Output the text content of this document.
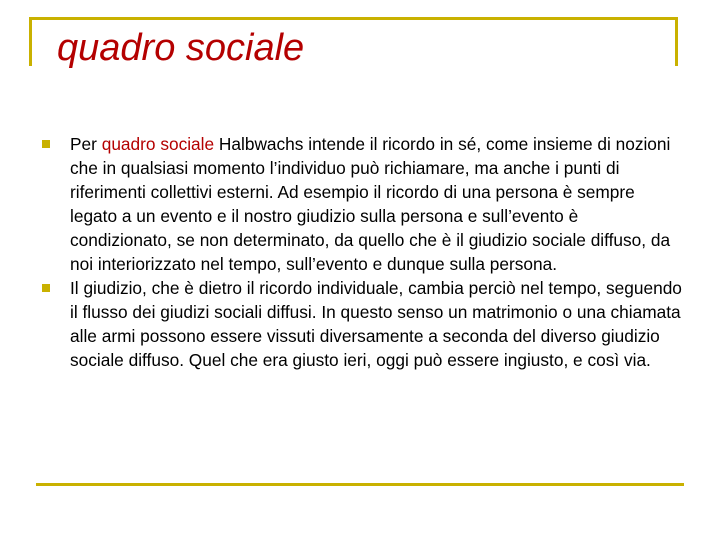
quadro sociale
Per quadro sociale Halbwachs intende il ricordo in sé, come insieme di nozioni che in qualsiasi momento l’individuo può richiamare, ma anche i punti di riferimenti collettivi esterni. Ad esempio il ricordo di una persona è sempre legato a un evento e il nostro giudizio sulla persona e sull’evento è condizionato, se non determinato, da quello che è il giudizio sociale diffuso, da noi interiorizzato nel tempo, sull’evento e dunque sulla persona.
Il giudizio, che è dietro il ricordo individuale, cambia perciò nel tempo, seguendo il flusso dei giudizi sociali diffusi. In questo senso un matrimonio o una chiamata alle armi possono essere vissuti diversamente a seconda del diverso giudizio sociale diffuso. Quel che era giusto ieri, oggi può essere ingiusto, e così via.
